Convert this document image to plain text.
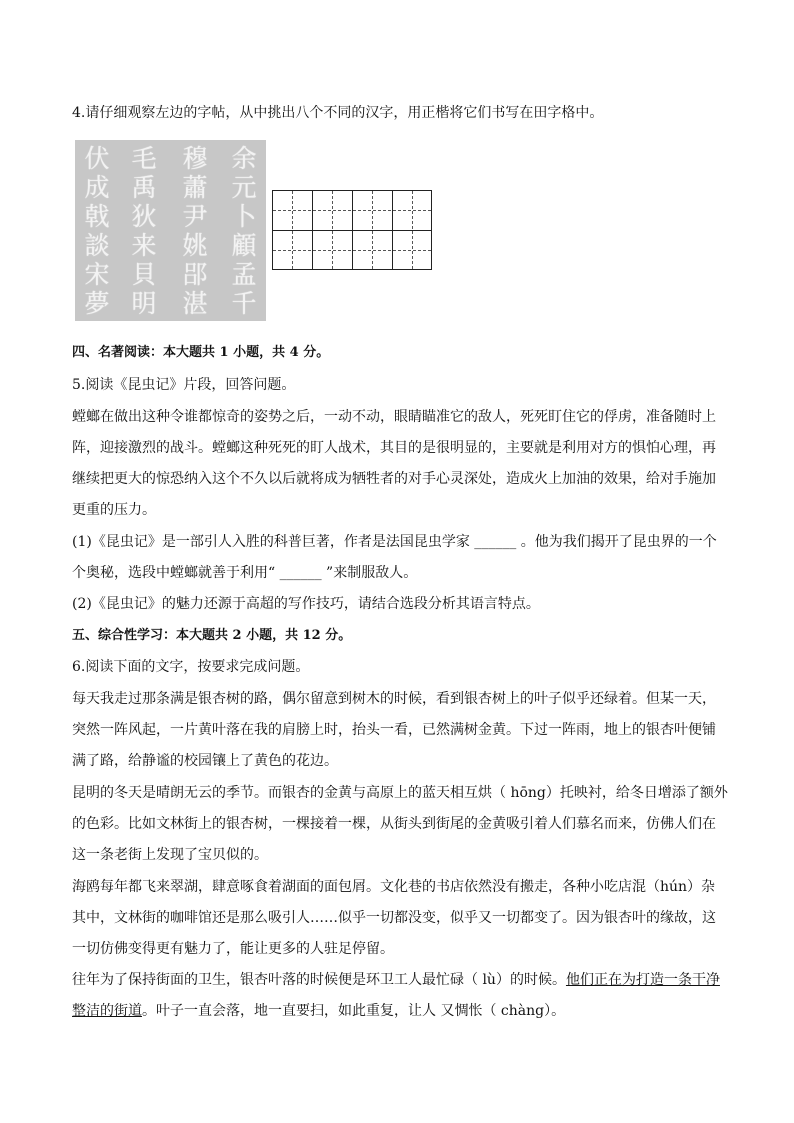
4.请仔细观察左边的字帖，从中挑出八个不同的汉字，用正楷将它们书写在田字格中。
伏成戟談宋夢
毛禹狄来貝明
穆蕭尹姚郘湛
余元卜顧孟千
四、名著阅读：本大题共 1 小题，共 4 分。
5.阅读《昆虫记》片段，回答问题。
螳螂在做出这种令谁都惊奇的姿势之后，一动不动，眼睛瞄准它的敌人，死死盯住它的俘虏，准备随时上
阵，迎接激烈的战斗。螳螂这种死死的盯人战术，其目的是很明显的，主要就是利用对方的惧怕心理，再
继续把更大的惊恐纳入这个不久以后就将成为牺牲者的对手心灵深处，造成火上加油的效果，给对手施加
更重的压力。
(1)《昆虫记》是一部引人入胜的科普巨著，作者是法国昆虫学家 ______ 。他为我们揭开了昆虫界的一个
个奥秘，选段中螳螂就善于利用“ ______ ”来制服敌人。
(2)《昆虫记》的魅力还源于高超的写作技巧，请结合选段分析其语言特点。
五、综合性学习：本大题共 2 小题，共 12 分。
6.阅读下面的文字，按要求完成问题。
每天我走过那条满是银杏树的路，偶尔留意到树木的时候，看到银杏树上的叶子似乎还绿着。但某一天，
突然一阵风起，一片黄叶落在我的肩膀上时，抬头一看，已然满树金黄。下过一阵雨，地上的银杏叶便铺
满了路，给静谧的校园镶上了黄色的花边。
昆明的冬天是晴朗无云的季节。而银杏的金黄与高原上的蓝天相互烘（ hōng）托映衬，给冬日增添了额外
的色彩。比如文林街上的银杏树，一棵接着一棵，从街头到街尾的金黄吸引着人们慕名而来，仿佛人们在
这一条老街上发现了宝贝似的。
海鸥每年都飞来翠湖，肆意啄食着湖面的面包屑。文化巷的书店依然没有搬走，各种小吃店混（hún）杂
其中，文林街的咖啡馆还是那么吸引人……似乎一切都没变，似乎又一切都变了。因为银杏叶的缘故，这
一切仿佛变得更有魅力了，能让更多的人驻足停留。
往年为了保持街面的卫生，银杏叶落的时候便是环卫工人最忙碌（ lù）的时候。他们正在为打造一条干净
整洁的街道。叶子一直会落，地一直要扫，如此重复，让人 又惆怅（ chàng）。
